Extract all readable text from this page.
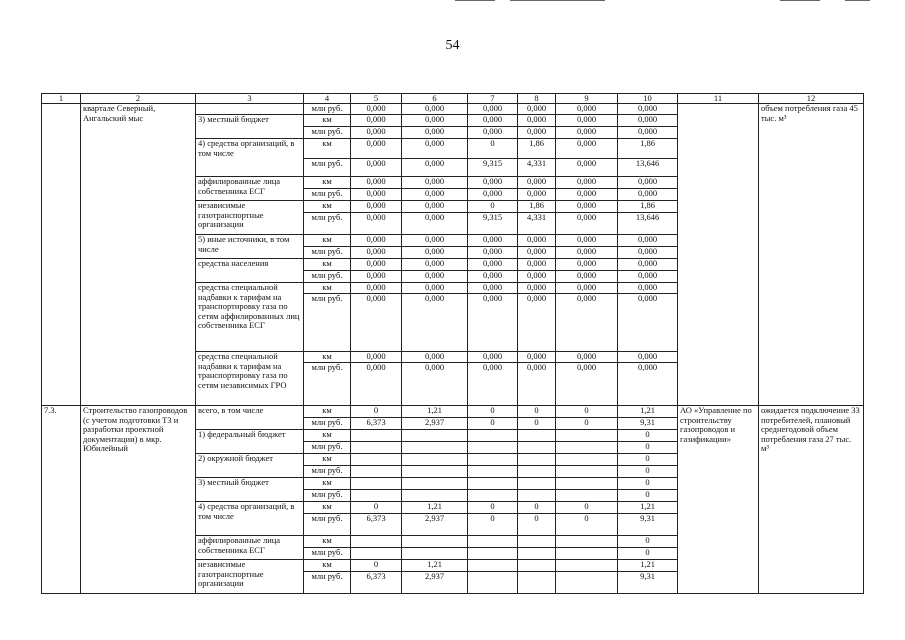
54
1	2	3	4	5	6	7	8	9	10	11	12
	кварталe Северный, Ангальский мыс		млн руб.	0,000	0,000	0,000	0,000	0,000	0,000		объем потребления газа 45 тыс. м³
		3) местный бюджет	км	0,000	0,000	0,000	0,000	0,000	0,000		
			млн руб.	0,000	0,000	0,000	0,000	0,000	0,000		
		4) средства организаций, в том числе	км	0,000	0,000	0	1,86	0,000	1,86		
			млн руб.	0,000	0,000	9,315	4,331	0,000	13,646		
		аффилированные лица собственника ЕСГ	км	0,000	0,000	0,000	0,000	0,000	0,000		
			млн руб.	0,000	0,000	0,000	0,000	0,000	0,000		
		независимые газотранспортные организации	км	0,000	0,000	0	1,86	0,000	1,86		
			млн руб.	0,000	0,000	9,315	4,331	0,000	13,646		
		5) иные источники, в том числе	км	0,000	0,000	0,000	0,000	0,000	0,000		
			млн руб.	0,000	0,000	0,000	0,000	0,000	0,000		
		средства населения	км	0,000	0,000	0,000	0,000	0,000	0,000		
			млн руб.	0,000	0,000	0,000	0,000	0,000	0,000		
		средства специальной надбавки к тарифам на транспортировку газа по сетям аффилированных лиц собственника ЕСГ	км	0,000	0,000	0,000	0,000	0,000	0,000		
			млн руб.	0,000	0,000	0,000	0,000	0,000	0,000		
		средства специальной надбавки к тарифам на транспортировку газа по сетям независимых ГРО	км	0,000	0,000	0,000	0,000	0,000	0,000		
			млн руб.	0,000	0,000	0,000	0,000	0,000	0,000		
7.3.	Строительство газопроводов (с учетом подготовки ТЗ и разработки проектной документации) в мкр. Юбилейный	всего, в том числе	км	0	1,21	0	0	0	1,21	АО «Управление по строительству газопроводов и газификации»	ожидается подключение 33 потребителей, плановый среднегодовой объем потребления газа 27 тыс. м³
			млн руб.	6,373	2,937	0	0	0	9,31		
		1) федеральный бюджет	км						0		
			млн руб.						0		
		2) окружной бюджет	км						0		
			млн руб.						0		
		3) местный бюджет	км						0		
			млн руб.						0		
		4) средства организаций, в том числе	км	0	1,21	0	0	0	1,21		
			млн руб.	6,373	2,937	0	0	0	9,31		
		аффилированные лица собственника ЕСГ	км						0		
			млн руб.						0		
		независимые газотранспортные организации	км	0	1,21				1,21		
			млн руб.	6,373	2,937				9,31		
